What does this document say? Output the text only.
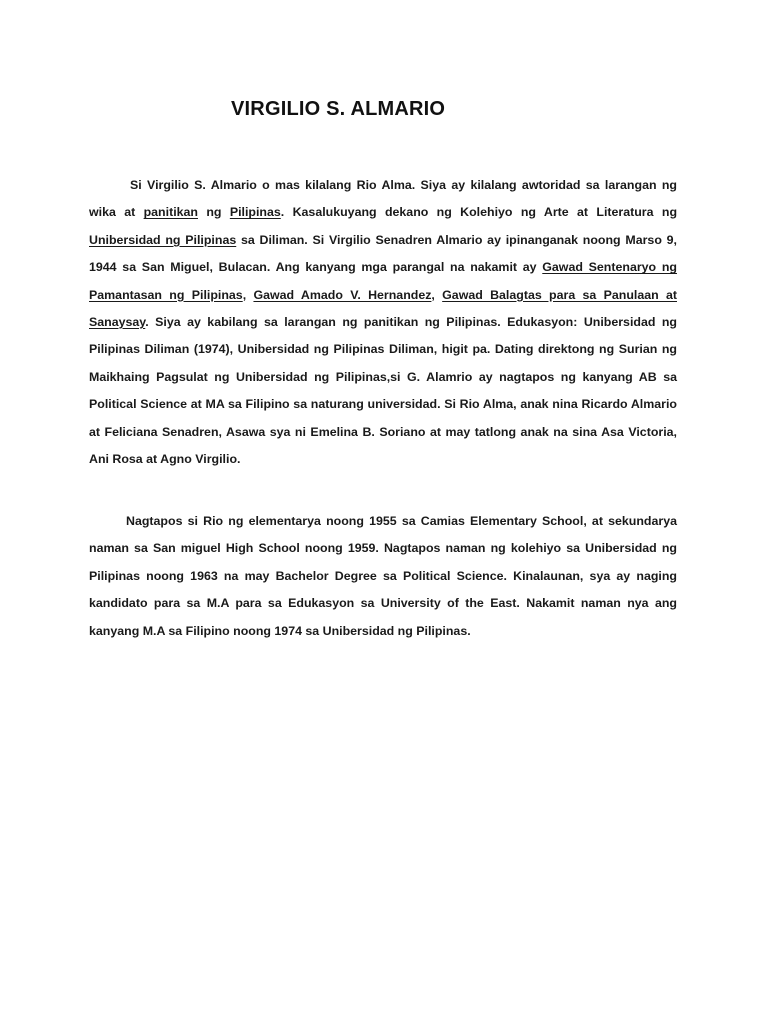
VIRGILIO S. ALMARIO

Si Virgilio S. Almario o mas kilalang Rio Alma. Siya ay kilalang awtoridad sa larangan ng wika at panitikan ng Pilipinas. Kasalukuyang dekano ng Kolehiyo ng Arte at Literatura ng Unibersidad ng Pilipinas sa Diliman. Si Virgilio Senadren Almario ay ipinanganak noong Marso 9, 1944 sa San Miguel, Bulacan. Ang kanyang mga parangal na nakamit ay Gawad Sentenaryo ng Pamantasan ng Pilipinas, Gawad Amado V. Hernandez, Gawad Balagtas para sa Panulaan at Sanaysay. Siya ay kabilang sa larangan ng panitikan ng Pilipinas. Edukasyon: Unibersidad ng Pilipinas Diliman (1974), Unibersidad ng Pilipinas Diliman, higit pa. Dating direktong ng Surian ng Maikhaing Pagsulat ng Unibersidad ng Pilipinas,si G. Alamrio ay nagtapos ng kanyang AB sa Political Science at MA sa Filipino sa naturang universidad. Si Rio Alma, anak nina Ricardo Almario at Feliciana Senadren, Asawa sya ni Emelina B. Soriano at may tatlong anak na sina Asa Victoria, Ani Rosa at Agno Virgilio.

Nagtapos si Rio ng elementarya noong 1955 sa Camias Elementary School, at sekundarya naman sa San miguel High School noong 1959. Nagtapos naman ng kolehiyo sa Unibersidad ng Pilipinas noong 1963 na may Bachelor Degree sa Political Science. Kinalaunan, sya ay naging kandidato para sa M.A para sa Edukasyon sa University of the East. Nakamit naman nya ang kanyang M.A sa Filipino noong 1974 sa Unibersidad ng Pilipinas.
